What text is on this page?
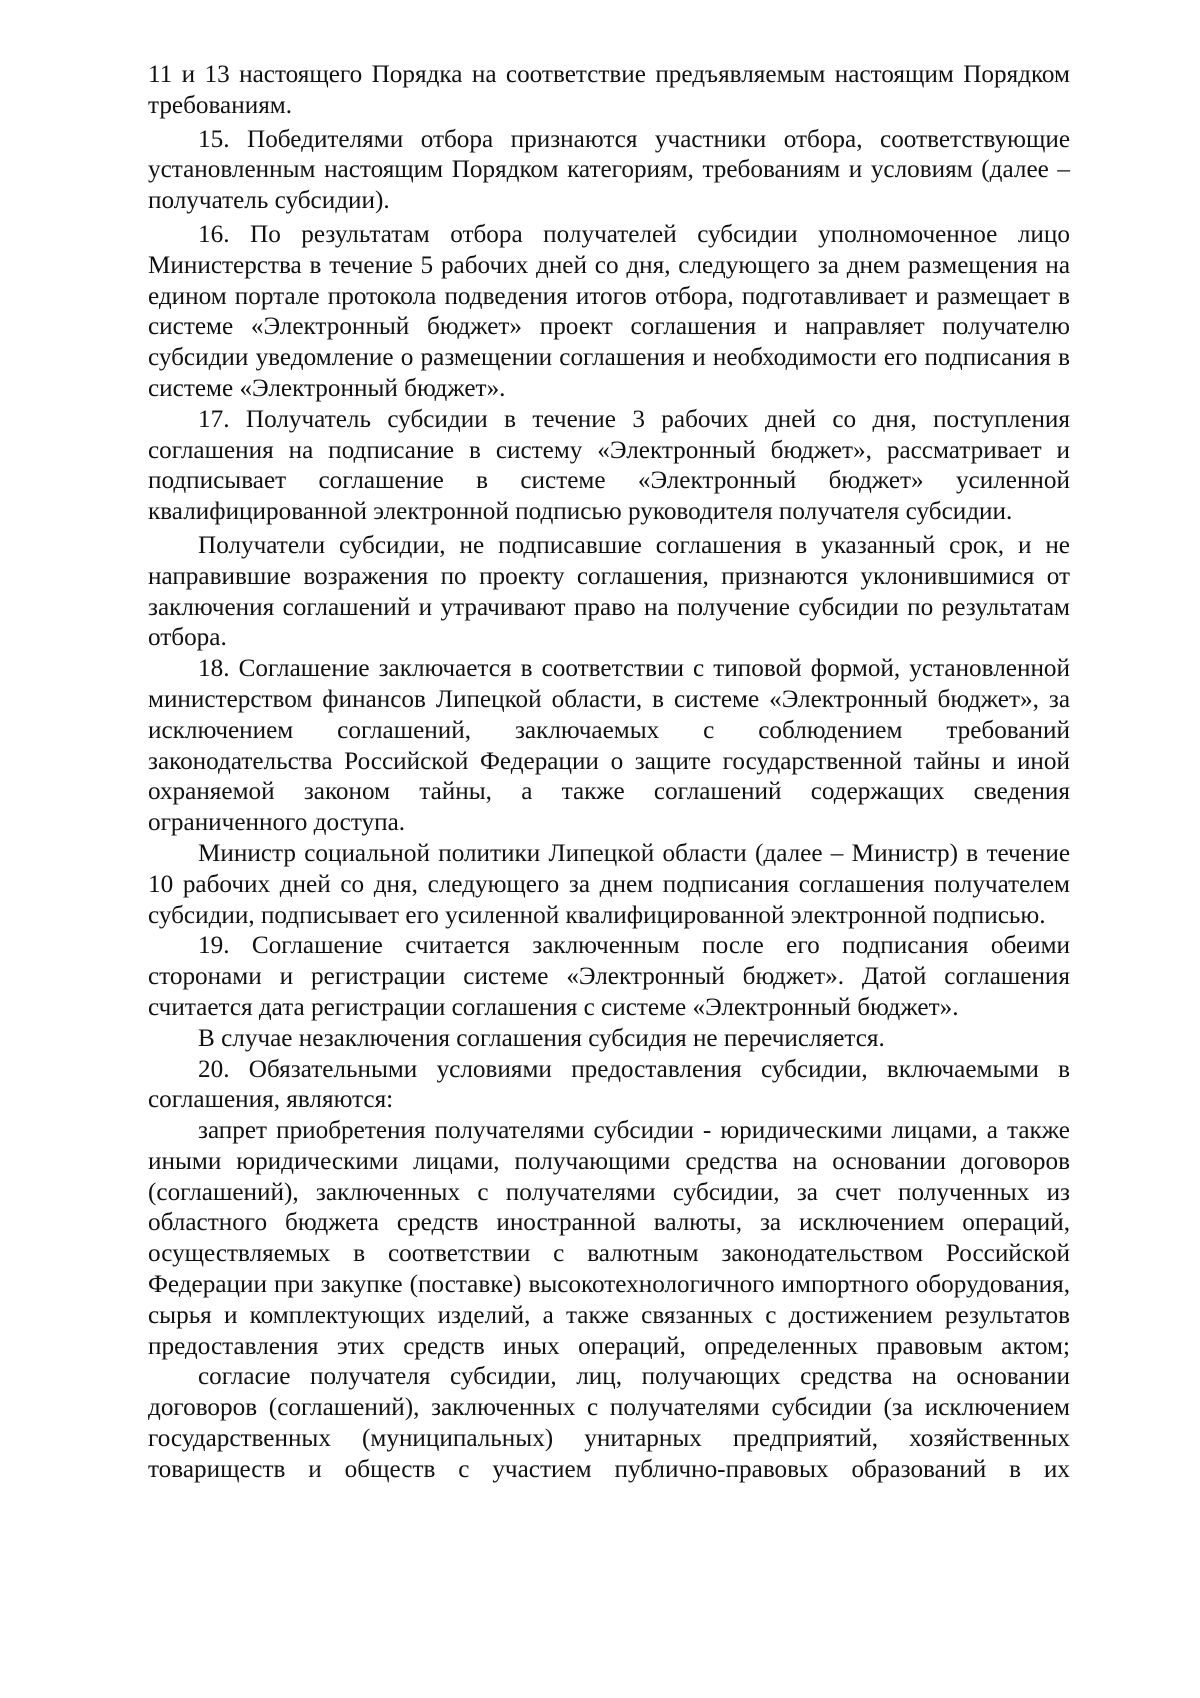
11 и 13 настоящего Порядка на соответствие предъявляемым настоящим Порядком требованиям.

15. Победителями отбора признаются участники отбора, соответствующие установленным настоящим Порядком категориям, требованиям и условиям (далее – получатель субсидии).

16. По результатам отбора получателей субсидии уполномоченное лицо Министерства в течение 5 рабочих дней со дня, следующего за днем размещения на едином портале протокола подведения итогов отбора, подготавливает и размещает в системе «Электронный бюджет» проект соглашения и направляет получателю субсидии уведомление о размещении соглашения и необходимости его подписания в системе «Электронный бюджет».

17. Получатель субсидии в течение 3 рабочих дней со дня, поступления соглашения на подписание в систему «Электронный бюджет», рассматривает и подписывает соглашение в системе «Электронный бюджет» усиленной квалифицированной электронной подписью руководителя получателя субсидии.

Получатели субсидии, не подписавшие соглашения в указанный срок, и не направившие возражения по проекту соглашения, признаются уклонившимися от заключения соглашений и утрачивают право на получение субсидии по результатам отбора.

18. Соглашение заключается в соответствии с типовой формой, установленной министерством финансов Липецкой области, в системе «Электронный бюджет», за исключением соглашений, заключаемых с соблюдением требований законодательства Российской Федерации о защите государственной тайны и иной охраняемой законом тайны, а также соглашений содержащих сведения ограниченного доступа.

Министр социальной политики Липецкой области (далее – Министр) в течение 10 рабочих дней со дня, следующего за днем подписания соглашения получателем субсидии, подписывает его усиленной квалифицированной электронной подписью.

19. Соглашение считается заключенным после его подписания обеими сторонами и регистрации системе «Электронный бюджет». Датой соглашения считается дата регистрации соглашения с системе «Электронный бюджет».

В случае незаключения соглашения субсидия не перечисляется.

20. Обязательными условиями предоставления субсидии, включаемыми в соглашения, являются:

запрет приобретения получателями субсидии - юридическими лицами, а также иными юридическими лицами, получающими средства на основании договоров (соглашений), заключенных с получателями субсидии, за счет полученных из областного бюджета средств иностранной валюты, за исключением операций, осуществляемых в соответствии с валютным законодательством Российской Федерации при закупке (поставке) высокотехнологичного импортного оборудования, сырья и комплектующих изделий, а также связанных с достижением результатов предоставления этих средств иных операций, определенных правовым актом;

согласие получателя субсидии, лиц, получающих средства на основании договоров (соглашений), заключенных с получателями субсидии (за исключением государственных (муниципальных) унитарных предприятий, хозяйственных товариществ и обществ с участием публично-правовых образований в их
